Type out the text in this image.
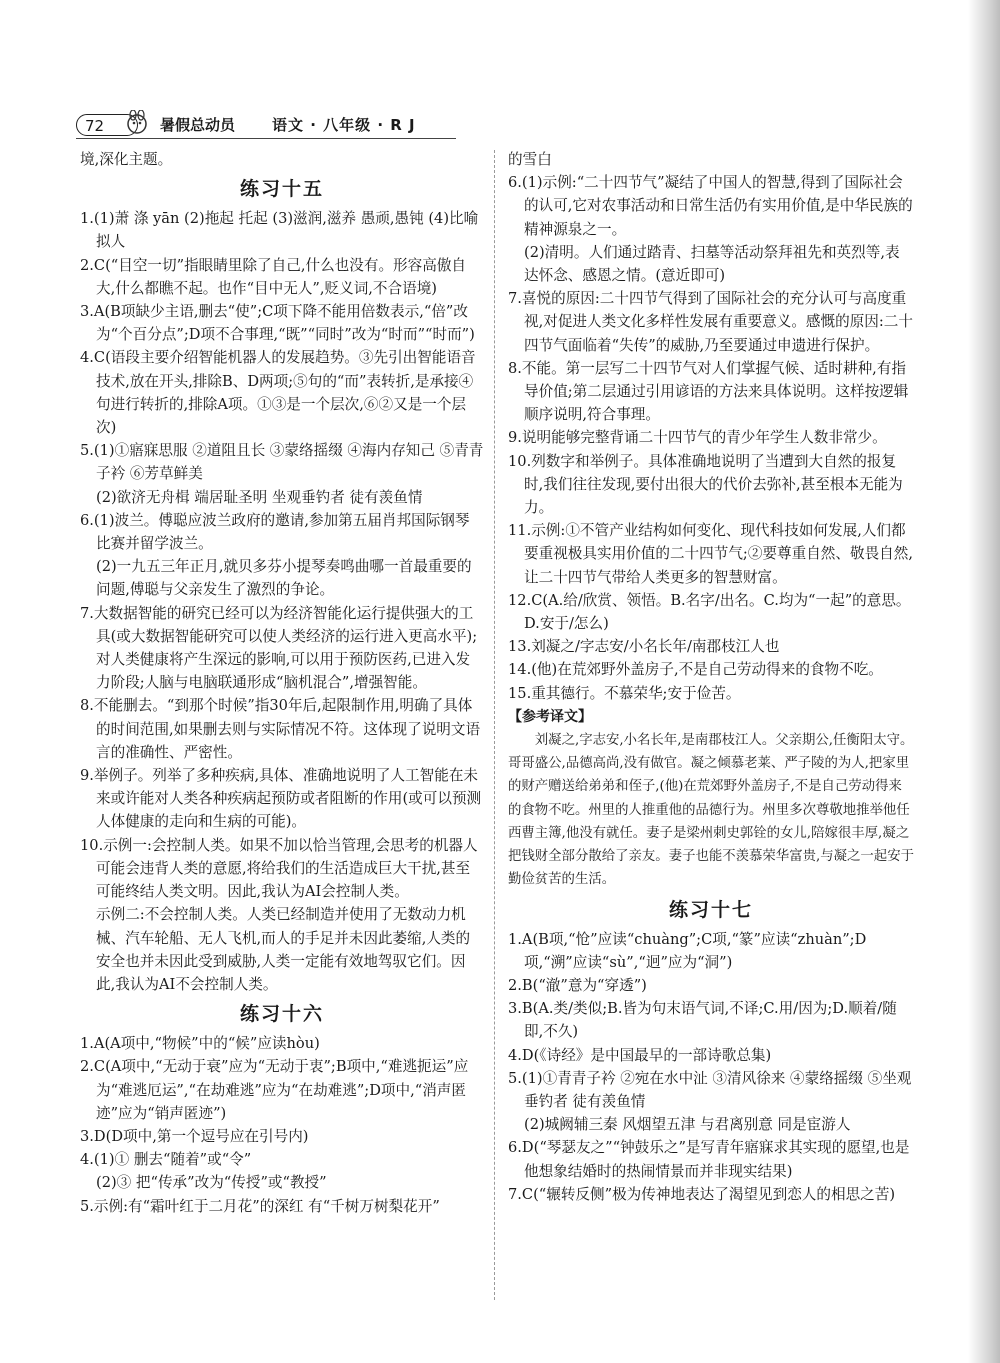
72	暑假总动员 语文 · 八年级 · R J

境,深化主题。

练习十五

1.(1)萧 涤 yān (2)拖起 托起 (3)滋润,滋养 愚顽,愚钝 (4)比喻 拟人

2.C(“目空一切”指眼睛里除了自己,什么也没有。形容高傲自大,什么都瞧不起。也作“目中无人”,贬义词,不合语境)

3.A(B项缺少主语,删去“使”;C项下降不能用倍数表示,“倍”改为“个百分点”;D项不合事理,“既”“同时”改为“时而”“时而”)

4.C(语段主要介绍智能机器人的发展趋势。③先引出智能语音技术,放在开头,排除B、D两项;⑤句的“而”表转折,是承接④句进行转折的,排除A项。①③是一个层次,⑥②又是一个层次)

5.(1)①寤寐思服 ②道阻且长 ③蒙络摇缀 ④海内存知己 ⑤青青子衿 ⑥芳草鲜美

(2)欲济无舟楫 端居耻圣明 坐观垂钓者 徒有羡鱼情

6.(1)波兰。傅聪应波兰政府的邀请,参加第五届肖邦国际钢琴比赛并留学波兰。

(2)一九五三年正月,就贝多芬小提琴奏鸣曲哪一首最重要的问题,傅聪与父亲发生了激烈的争论。

7.大数据智能的研究已经可以为经济智能化运行提供强大的工具(或大数据智能研究可以使人类经济的运行进入更高水平);对人类健康将产生深远的影响,可以用于预防医药,已进入发力阶段;人脑与电脑联通形成“脑机混合”,增强智能。

8.不能删去。“到那个时候”指30年后,起限制作用,明确了具体的时间范围,如果删去则与实际情况不符。这体现了说明文语言的准确性、严密性。

9.举例子。列举了多种疾病,具体、准确地说明了人工智能在未来或许能对人类各种疾病起预防或者阻断的作用(或可以预测人体健康的走向和生病的可能)。

10.示例一:会控制人类。如果不加以恰当管理,会思考的机器人可能会违背人类的意愿,将给我们的生活造成巨大干扰,甚至可能终结人类文明。因此,我认为AI会控制人类。

示例二:不会控制人类。人类已经制造并使用了无数动力机械、汽车轮船、无人飞机,而人的手足并未因此萎缩,人类的安全也并未因此受到威胁,人类一定能有效地驾驭它们。因此,我认为AI不会控制人类。

练习十六

1.A(A项中,“物候”中的“候”应读hòu)

2.C(A项中,“无动于衰”应为“无动于衷”;B项中,“难逃扼运”应为“难逃厄运”,“在劫难逃”应为“在劫难逃”;D项中,“消声匿迹”应为“销声匿迹”)

3.D(D项中,第一个逗号应在引号内)

4.(1)① 删去“随着”或“令”

(2)③ 把“传承”改为“传授”或“教授”

5.示例:有“霜叶红于二月花”的深红 有“千树万树梨花开”

的雪白

6.(1)示例:“二十四节气”凝结了中国人的智慧,得到了国际社会的认可,它对农事活动和日常生活仍有实用价值,是中华民族的精神源泉之一。

(2)清明。人们通过踏青、扫墓等活动祭拜祖先和英烈等,表达怀念、感恩之情。(意近即可)

7.喜悦的原因:二十四节气得到了国际社会的充分认可与高度重视,对促进人类文化多样性发展有重要意义。感慨的原因:二十四节气面临着“失传”的威胁,乃至要通过申遗进行保护。

8.不能。第一层写二十四节气对人们掌握气候、适时耕种,有指导价值;第二层通过引用谚语的方法来具体说明。这样按逻辑顺序说明,符合事理。

9.说明能够完整背诵二十四节气的青少年学生人数非常少。

10.列数字和举例子。具体准确地说明了当遭到大自然的报复时,我们往往发现,要付出很大的代价去弥补,甚至根本无能为力。

11.示例:①不管产业结构如何变化、现代科技如何发展,人们都要重视极具实用价值的二十四节气;②要尊重自然、敬畏自然,让二十四节气带给人类更多的智慧财富。

12.C(A.给/欣赏、领悟。B.名字/出名。C.均为“一起”的意思。D.安于/怎么)

13.刘凝之/字志安/小名长年/南郡枝江人也

14.(他)在荒郊野外盖房子,不是自己劳动得来的食物不吃。

15.重其德行。不慕荣华;安于俭苦。

【参考译文】

刘凝之,字志安,小名长年,是南郡枝江人。父亲期公,任衡阳太守。哥哥盛公,品德高尚,没有做官。凝之倾慕老莱、严子陵的为人,把家里的财产赠送给弟弟和侄子,(他)在荒郊野外盖房子,不是自己劳动得来的食物不吃。州里的人推重他的品德行为。州里多次尊敬地推举他任西曹主簿,他没有就任。妻子是梁州刺史郭铨的女儿,陪嫁很丰厚,凝之把钱财全部分散给了亲友。妻子也能不羡慕荣华富贵,与凝之一起安于勤俭贫苦的生活。

练习十七

1.A(B项,“怆”应读“chuàng”;C项,“篆”应读“zhuàn”;D项,“溯”应读“sù”,“迥”应为“洞”)

2.B(“澈”意为“穿透”)

3.B(A.类/类似;B.皆为句末语气词,不译;C.用/因为;D.顺着/随即,不久)

4.D(《诗经》是中国最早的一部诗歌总集)

5.(1)①青青子衿 ②宛在水中沚 ③清风徐来 ④蒙络摇缀 ⑤坐观垂钓者 徒有羡鱼情

(2)城阙辅三秦 风烟望五津 与君离别意 同是宦游人

6.D(“琴瑟友之”“钟鼓乐之”是写青年寤寐求其实现的愿望,也是他想象结婚时的热闹情景而并非现实结果)

7.C(“辗转反侧”极为传神地表达了渴望见到恋人的相思之苦)
